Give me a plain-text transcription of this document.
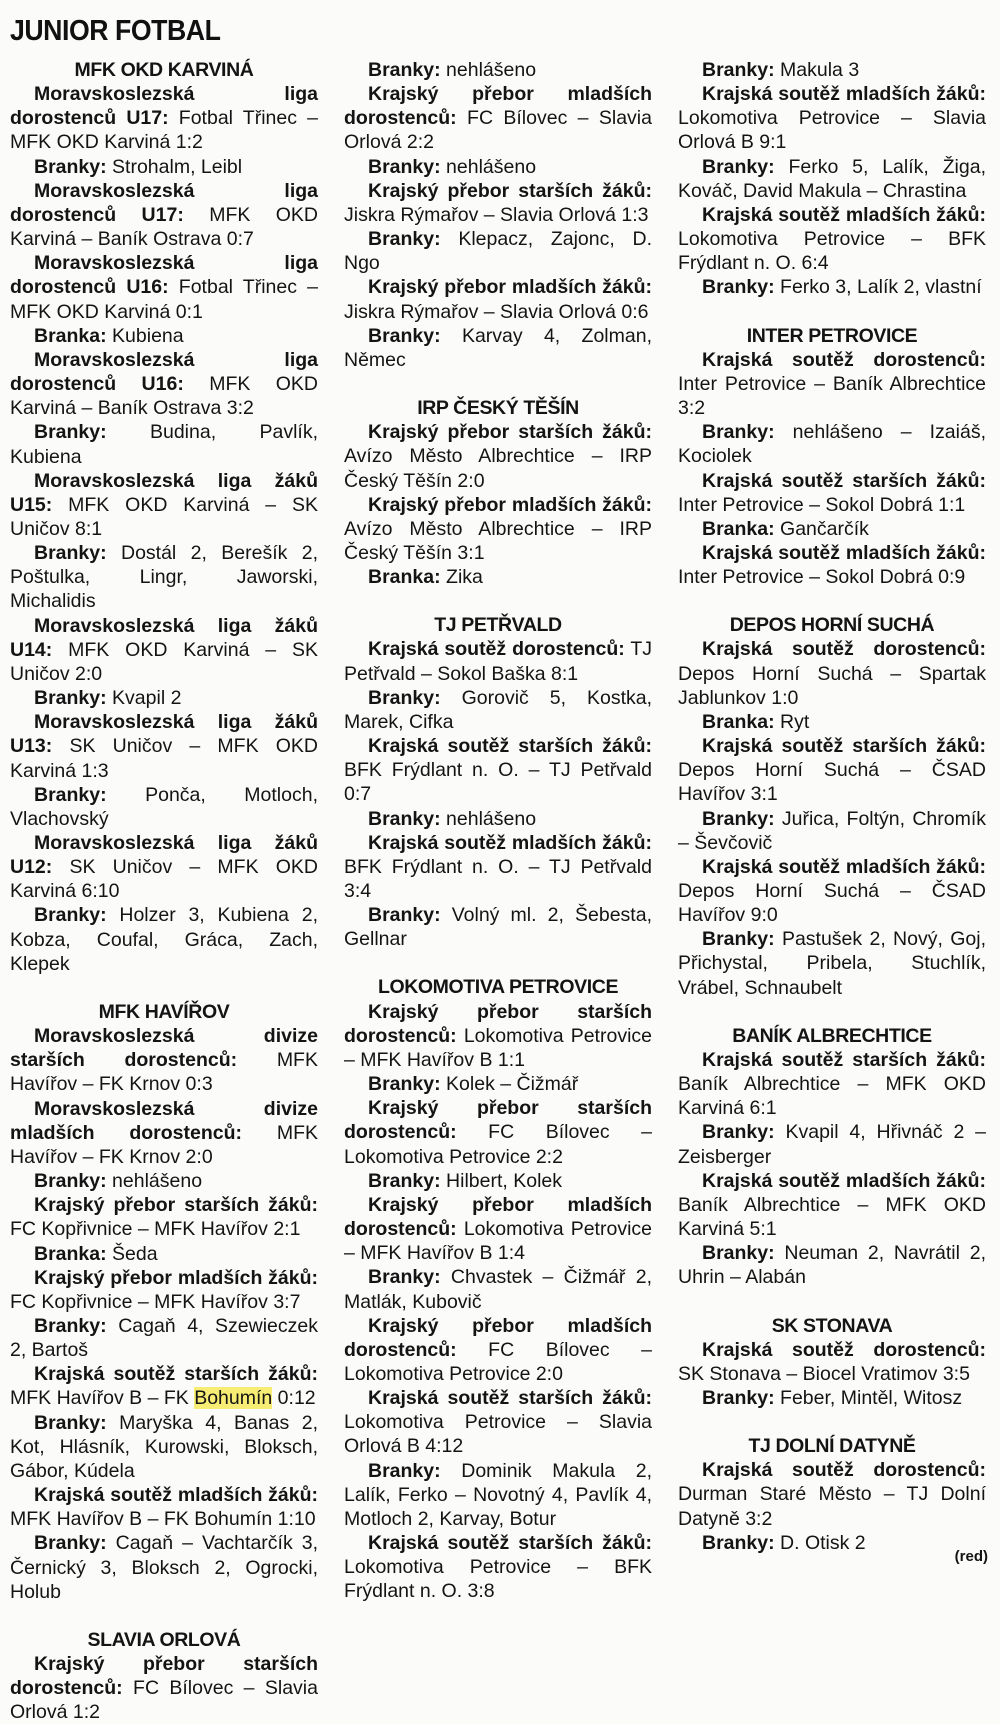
JUNIOR FOTBAL
MFK OKD KARVINÁ
Moravskoslezská liga dorostenců U17: Fotbal Třinec – MFK OKD Karviná 1:2
Branky: Strohalm, Leibl
Moravskoslezská liga dorostenců U17: MFK OKD Karviná – Baník Ostrava 0:7
Moravskoslezská liga dorostenců U16: Fotbal Třinec – MFK OKD Karviná 0:1
Branka: Kubiena
Moravskoslezská liga dorostenců U16: MFK OKD Karviná – Baník Ostrava 3:2
Branky: Budina, Pavlík, Kubiena
Moravskoslezská liga žáků U15: MFK OKD Karviná – SK Uničov 8:1
Branky: Dostál 2, Berešík 2, Poštulka, Lingr, Jaworski, Michalidis
Moravskoslezská liga žáků U14: MFK OKD Karviná – SK Uničov 2:0
Branky: Kvapil 2
Moravskoslezská liga žáků U13: SK Uničov – MFK OKD Karviná 1:3
Branky: Ponča, Motloch, Vlachovský
Moravskoslezská liga žáků U12: SK Uničov – MFK OKD Karviná 6:10
Branky: Holzer 3, Kubiena 2, Kobza, Coufal, Gráca, Zach, Klepek
MFK HAVÍŘOV
Moravskoslezská divize starších dorostenců: MFK Havířov – FK Krnov 0:3
Moravskoslezská divize mladších dorostenců: MFK Havířov – FK Krnov 2:0
Branky: nehlášeno
Krajský přebor starších žáků: FC Kopřivnice – MFK Havířov 2:1
Branka: Šeda
Krajský přebor mladších žáků: FC Kopřivnice – MFK Havířov 3:7
Branky: Cagaň 4, Szewieczek 2, Bartoš
Krajská soutěž starších žáků: MFK Havířov B – FK Bohumín 0:12
Branky: Maryška 4, Banas 2, Kot, Hlásník, Kurowski, Bloksch, Gábor, Kúdela
Krajská soutěž mladších žáků: MFK Havířov B – FK Bohumín 1:10
Branky: Cagaň – Vachtarčík 3, Černický 3, Bloksch 2, Ogrocki, Holub
SLAVIA ORLOVÁ
Krajský přebor starších dorostenců: FC Bílovec – Slavia Orlová 1:2
Branky: nehlášeno
Krajský přebor mladších dorostenců: FC Bílovec – Slavia Orlová 2:2
Branky: nehlášeno
Krajský přebor starších žáků: Jiskra Rýmařov – Slavia Orlová 1:3
Branky: Klepacz, Zajonc, D. Ngo
Krajský přebor mladších žáků: Jiskra Rýmařov – Slavia Orlová 0:6
Branky: Karvay 4, Zolman, Němec
IRP ČESKÝ TĚŠÍN
Krajský přebor starších žáků: Avízo Město Albrechtice – IRP Český Těšín 2:0
Krajský přebor mladších žáků: Avízo Město Albrechtice – IRP Český Těšín 3:1
Branka: Zika
TJ PETŘVALD
Krajská soutěž dorostenců: TJ Petřvald – Sokol Baška 8:1
Branky: Gorovič 5, Kostka, Marek, Cifka
Krajská soutěž starších žáků: BFK Frýdlant n. O. – TJ Petřvald 0:7
Branky: nehlášeno
Krajská soutěž mladších žáků: BFK Frýdlant n. O. – TJ Petřvald 3:4
Branky: Volný ml. 2, Šebesta, Gellnar
LOKOMOTIVA PETROVICE
Krajský přebor starších dorostenců: Lokomotiva Petrovice – MFK Havířov B 1:1
Branky: Kolek – Čižmář
Krajský přebor starších dorostenců: FC Bílovec – Lokomotiva Petrovice 2:2
Branky: Hilbert, Kolek
Krajský přebor mladších dorostenců: Lokomotiva Petrovice – MFK Havířov B 1:4
Branky: Chvastek – Čižmář 2, Matlák, Kubovič
Krajský přebor mladších dorostenců: FC Bílovec – Lokomotiva Petrovice 2:0
Krajská soutěž starších žáků: Lokomotiva Petrovice – Slavia Orlová B 4:12
Branky: Dominik Makula 2, Lalík, Ferko – Novotný 4, Pavlík 4, Motloch 2, Karvay, Botur
Krajská soutěž starších žáků: Lokomotiva Petrovice – BFK Frýdlant n. O. 3:8
Branky: Makula 3
Krajská soutěž mladších žáků: Lokomotiva Petrovice – Slavia Orlová B 9:1
Branky: Ferko 5, Lalík, Žiga, Kováč, David Makula – Chrastina
Krajská soutěž mladších žáků: Lokomotiva Petrovice – BFK Frýdlant n. O. 6:4
Branky: Ferko 3, Lalík 2, vlastní
INTER PETROVICE
Krajská soutěž dorostenců: Inter Petrovice – Baník Albrechtice 3:2
Branky: nehlášeno – Izaiáš, Kociolek
Krajská soutěž starších žáků: Inter Petrovice – Sokol Dobrá 1:1
Branka: Gančarčík
Krajská soutěž mladších žáků: Inter Petrovice – Sokol Dobrá 0:9
DEPOS HORNÍ SUCHÁ
Krajská soutěž dorostenců: Depos Horní Suchá – Spartak Jablunkov 1:0
Branka: Ryt
Krajská soutěž starších žáků: Depos Horní Suchá – ČSAD Havířov 3:1
Branky: Juřica, Foltýn, Chromík – Ševčovič
Krajská soutěž mladších žáků: Depos Horní Suchá – ČSAD Havířov 9:0
Branky: Pastušek 2, Nový, Goj, Přichystal, Pribela, Stuchlík, Vrábel, Schnaubelt
BANÍK ALBRECHTICE
Krajská soutěž starších žáků: Baník Albrechtice – MFK OKD Karviná 6:1
Branky: Kvapil 4, Hřivnáč 2 – Zeisberger
Krajská soutěž mladších žáků: Baník Albrechtice – MFK OKD Karviná 5:1
Branky: Neuman 2, Navrátil 2, Uhrin – Alabán
SK STONAVA
Krajská soutěž dorostenců: SK Stonava – Biocel Vratimov 3:5
Branky: Feber, Mintěl, Witosz
TJ DOLNÍ DATYNĚ
Krajská soutěž dorostenců: Durman Staré Město – TJ Dolní Datyně 3:2
Branky: D. Otisk 2
(red)
